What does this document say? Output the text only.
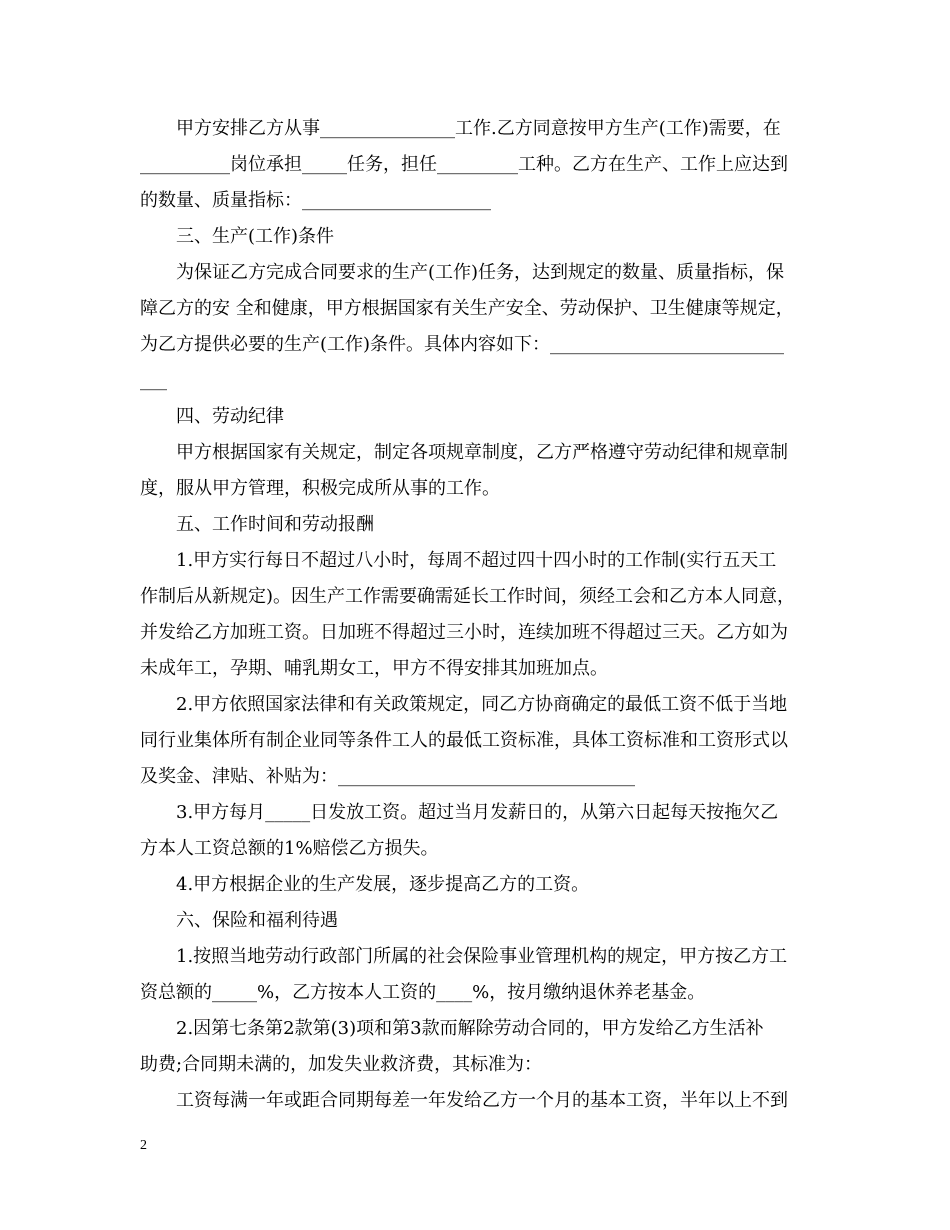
甲方安排乙方从事_______________工作.乙方同意按甲方生产(工作)需要，在
__________岗位承担_____任务，担任_________工种。乙方在生产、工作上应达到
的数量、质量指标：_____________________
三、生产(工作)条件
为保证乙方完成合同要求的生产(工作)任务，达到规定的数量、质量指标，保
障乙方的安 全和健康，甲方根据国家有关生产安全、劳动保护、卫生健康等规定，
为乙方提供必要的生产(工作)条件。具体内容如下：__________________________
___
四、劳动纪律
甲方根据国家有关规定，制定各项规章制度，乙方严格遵守劳动纪律和规章制
度，服从甲方管理，积极完成所从事的工作。
五、工作时间和劳动报酬
1.甲方实行每日不超过八小时，每周不超过四十四小时的工作制(实行五天工
作制后从新规定)。因生产工作需要确需延长工作时间，须经工会和乙方本人同意，
并发给乙方加班工资。日加班不得超过三小时，连续加班不得超过三天。乙方如为
未成年工，孕期、哺乳期女工，甲方不得安排其加班加点。
2.甲方依照国家法律和有关政策规定，同乙方协商确定的最低工资不低于当地
同行业集体所有制企业同等条件工人的最低工资标准，具体工资标准和工资形式以
及奖金、津贴、补贴为：_________________________________
3.甲方每月_____日发放工资。超过当月发薪日的，从第六日起每天按拖欠乙
方本人工资总额的1%赔偿乙方损失。
4.甲方根据企业的生产发展，逐步提高乙方的工资。
六、保险和福利待遇
1.按照当地劳动行政部门所属的社会保险事业管理机构的规定，甲方按乙方工
资总额的_____%，乙方按本人工资的____%，按月缴纳退休养老基金。
2.因第七条第2款第(3)项和第3款而解除劳动合同的，甲方发给乙方生活补
助费;合同期未满的，加发失业救济费，其标准为：
工资每满一年或距合同期每差一年发给乙方一个月的基本工资，半年以上不到
2
